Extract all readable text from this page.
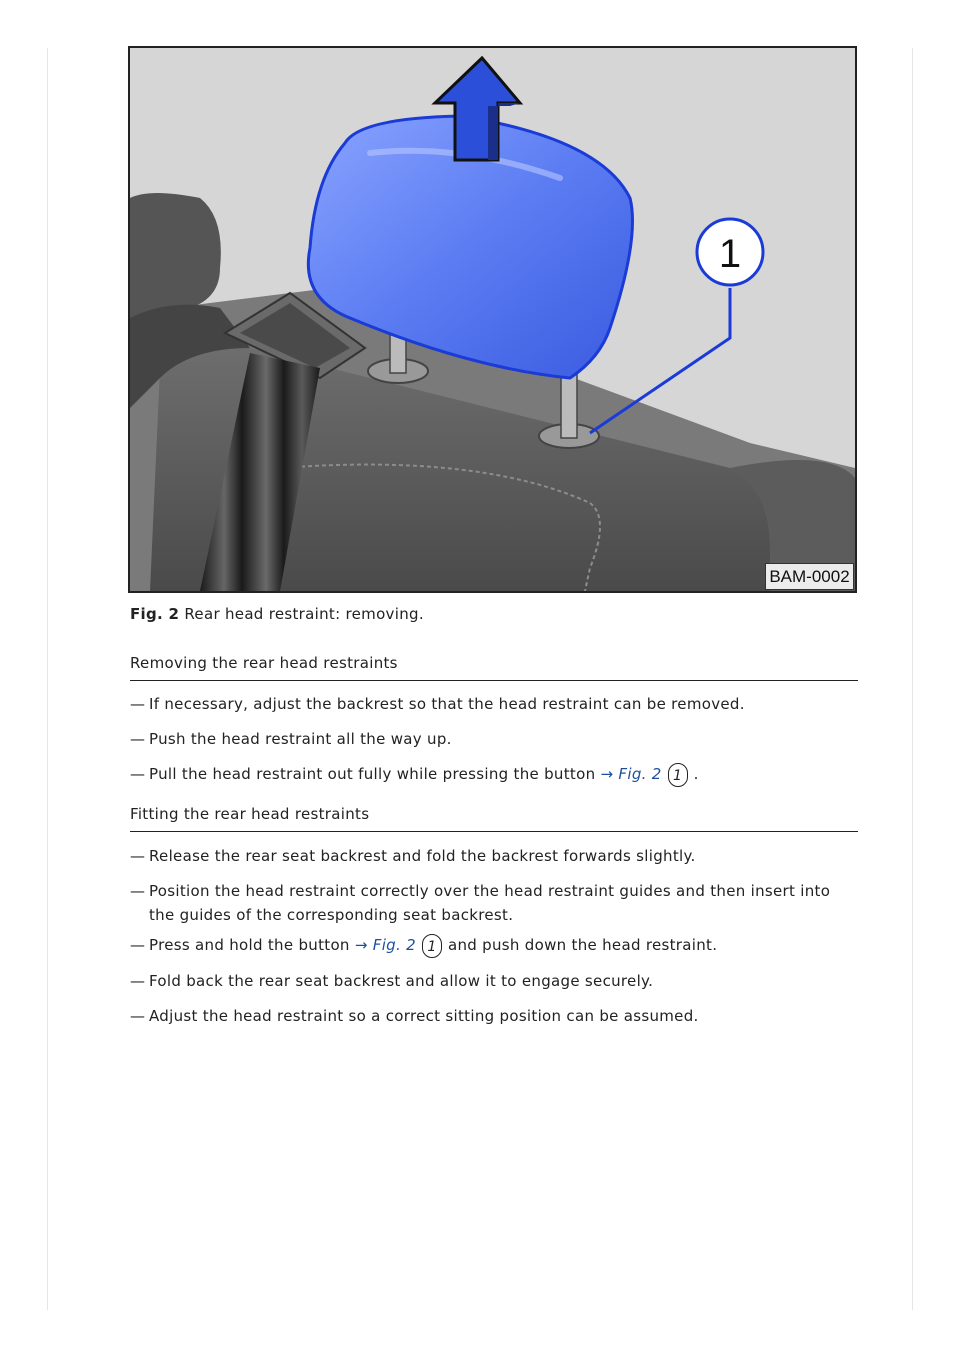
1
BAM-0002
Fig. 2 Rear head restraint: removing.
Removing the rear head restraints
— If necessary, adjust the backrest so that the head restraint can be removed.
— Push the head restraint all the way up.
— Pull the head restraint out fully while pressing the button → Fig. 2 1 .
Fitting the rear head restraints
— Release the rear seat backrest and fold the backrest forwards slightly.
— Position the head restraint correctly over the head restraint guides and then insert into the guides of the corresponding seat backrest.
— Press and hold the button → Fig. 2 1 and push down the head restraint.
— Fold back the rear seat backrest and allow it to engage securely.
— Adjust the head restraint so a correct sitting position can be assumed.
